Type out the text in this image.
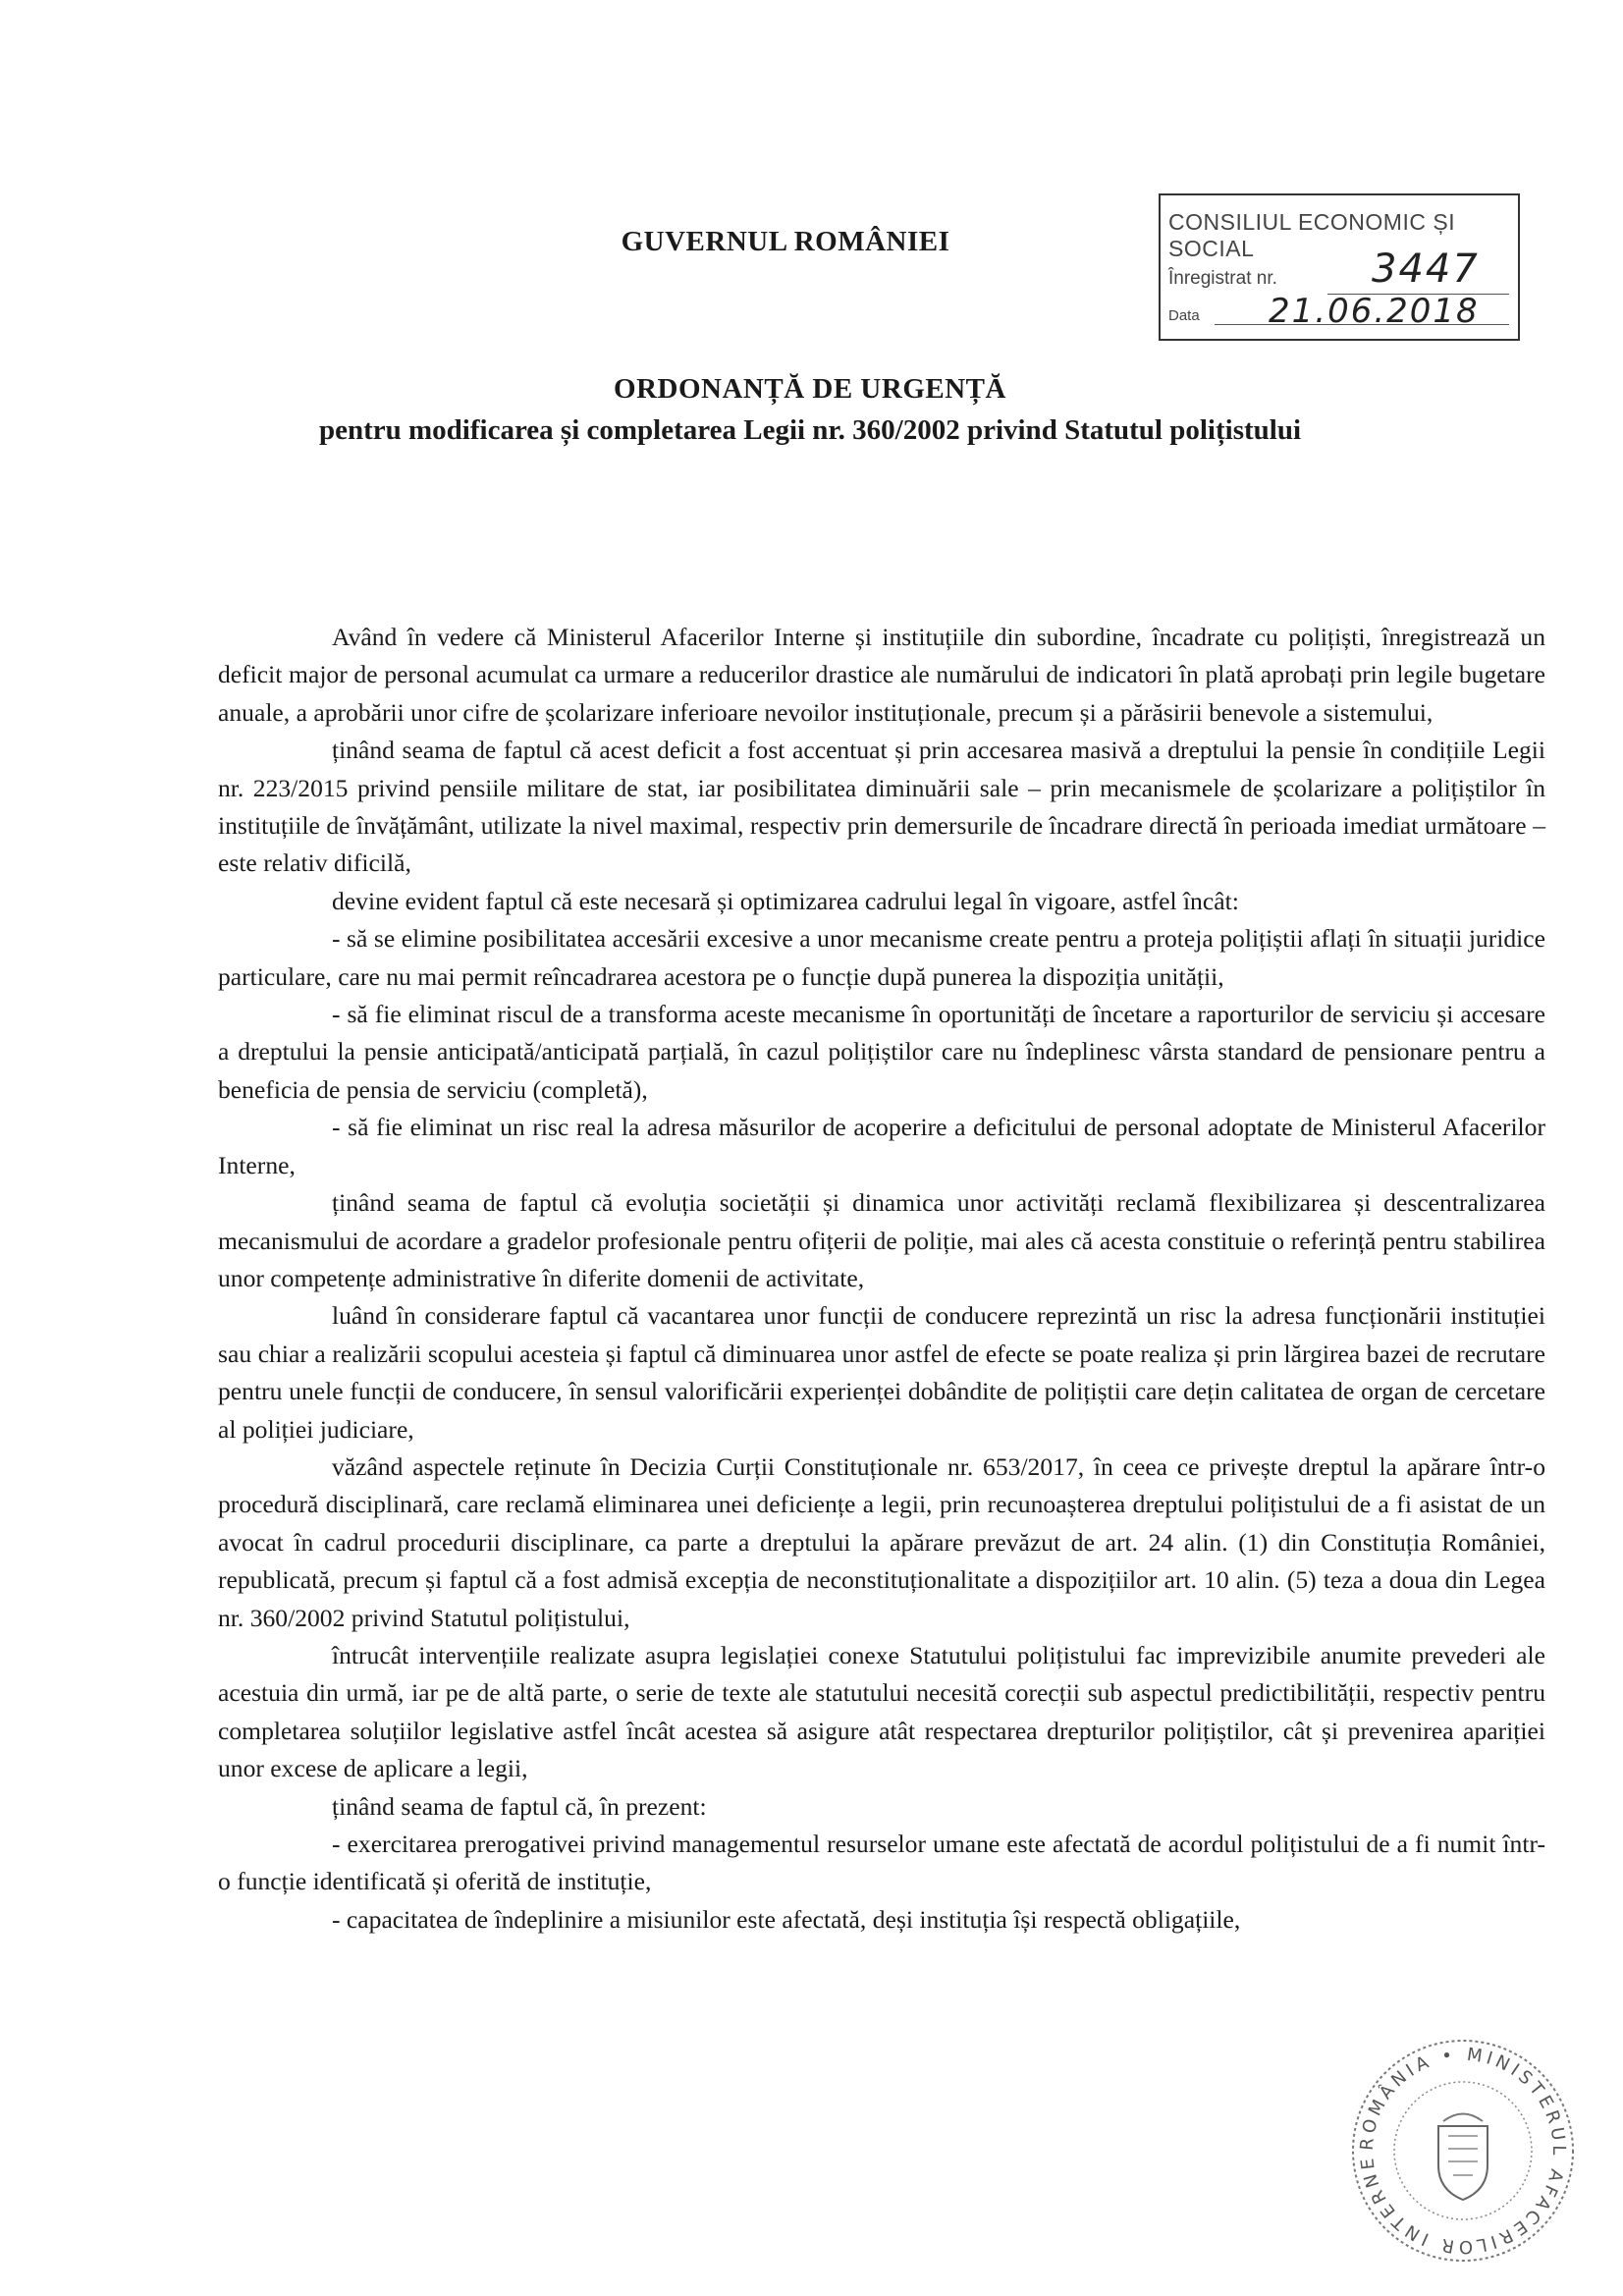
GUVERNUL ROMÂNIEI
CONSILIUL ECONOMIC ȘI SOCIAL
Înregistrat nr. 3447
Data 21.06.2018
ORDONANȚĂ DE URGENȚĂ
pentru modificarea și completarea Legii nr. 360/2002 privind Statutul polițistului

Având în vedere că Ministerul Afacerilor Interne și instituțiile din subordine, încadrate cu polițiști, înregistrează un deficit major de personal acumulat ca urmare a reducerilor drastice ale numărului de indicatori în plată aprobați prin legile bugetare anuale, a aprobării unor cifre de școlarizare inferioare nevoilor instituționale, precum și a părăsirii benevole a sistemului,

ținând seama de faptul că acest deficit a fost accentuat și prin accesarea masivă a dreptului la pensie în condițiile Legii nr. 223/2015 privind pensiile militare de stat, iar posibilitatea diminuării sale – prin mecanismele de școlarizare a polițiștilor în instituțiile de învățământ, utilizate la nivel maximal, respectiv prin demersurile de încadrare directă în perioada imediat următoare – este relativ dificilă,

devine evident faptul că este necesară și optimizarea cadrului legal în vigoare, astfel încât:

- să se elimine posibilitatea accesării excesive a unor mecanisme create pentru a proteja polițiștii aflați în situații juridice particulare, care nu mai permit reîncadrarea acestora pe o funcție după punerea la dispoziția unității,

- să fie eliminat riscul de a transforma aceste mecanisme în oportunități de încetare a raporturilor de serviciu și accesare a dreptului la pensie anticipată/anticipată parțială, în cazul polițiștilor care nu îndeplinesc vârsta standard de pensionare pentru a beneficia de pensia de serviciu (completă),

- să fie eliminat un risc real la adresa măsurilor de acoperire a deficitului de personal adoptate de Ministerul Afacerilor Interne,

ținând seama de faptul că evoluția societății și dinamica unor activități reclamă flexibilizarea și descentralizarea mecanismului de acordare a gradelor profesionale pentru ofițerii de poliție, mai ales că acesta constituie o referință pentru stabilirea unor competențe administrative în diferite domenii de activitate,

luând în considerare faptul că vacantarea unor funcții de conducere reprezintă un risc la adresa funcționării instituției sau chiar a realizării scopului acesteia și faptul că diminuarea unor astfel de efecte se poate realiza și prin lărgirea bazei de recrutare pentru unele funcții de conducere, în sensul valorificării experienței dobândite de polițiștii care dețin calitatea de organ de cercetare al poliției judiciare,

văzând aspectele reținute în Decizia Curții Constituționale nr. 653/2017, în ceea ce privește dreptul la apărare într-o procedură disciplinară, care reclamă eliminarea unei deficiențe a legii, prin recunoașterea dreptului polițistului de a fi asistat de un avocat în cadrul procedurii disciplinare, ca parte a dreptului la apărare prevăzut de art. 24 alin. (1) din Constituția României, republicată, precum și faptul că a fost admisă excepția de neconstituționalitate a dispozițiilor art. 10 alin. (5) teza a doua din Legea nr. 360/2002 privind Statutul polițistului,

întrucât intervențiile realizate asupra legislației conexe Statutului polițistului fac imprevizibile anumite prevederi ale acestuia din urmă, iar pe de altă parte, o serie de texte ale statutului necesită corecții sub aspectul predictibilității, respectiv pentru completarea soluțiilor legislative astfel încât acestea să asigure atât respectarea drepturilor polițiștilor, cât și prevenirea apariției unor excese de aplicare a legii,

ținând seama de faptul că, în prezent:

- exercitarea prerogativei privind managementul resurselor umane este afectată de acordul polițistului de a fi numit într-o funcție identificată și oferită de instituție,

- capacitatea de îndeplinire a misiunilor este afectată, deși instituția își respectă obligațiile,

ROMÂNIA • MINISTERUL AFACERILOR INTERNE
